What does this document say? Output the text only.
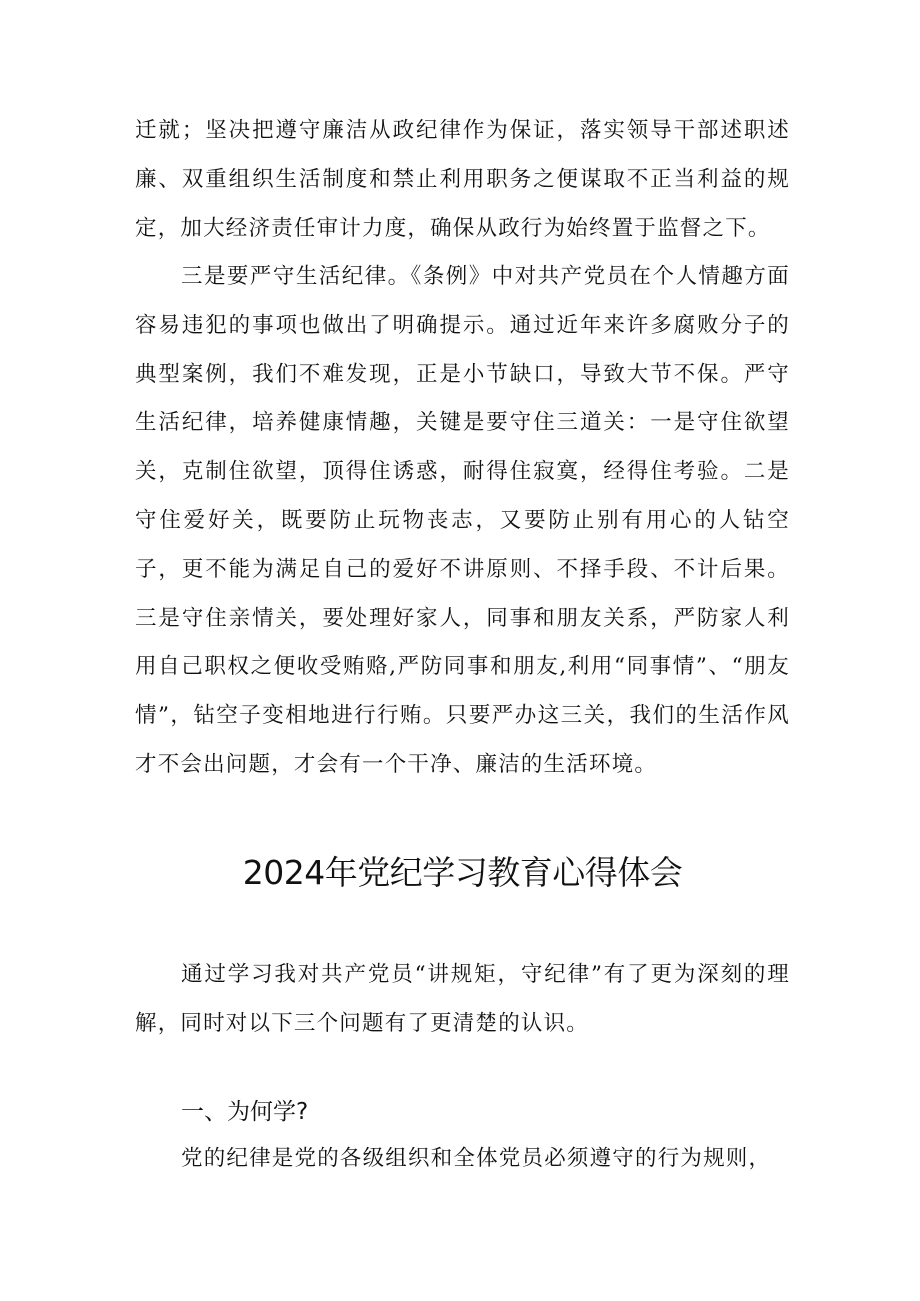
迁就；坚决把遵守廉洁从政纪律作为保证，落实领导干部述职述廉、双重组织生活制度和禁止利用职务之便谋取不正当利益的规定，加大经济责任审计力度，确保从政行为始终置于监督之下。

三是要严守生活纪律。《条例》中对共产党员在个人情趣方面容易违犯的事项也做出了明确提示。通过近年来许多腐败分子的典型案例，我们不难发现，正是小节缺口，导致大节不保。严守生活纪律，培养健康情趣，关键是要守住三道关：一是守住欲望关，克制住欲望，顶得住诱惑，耐得住寂寞，经得住考验。二是守住爱好关，既要防止玩物丧志，又要防止别有用心的人钻空子，更不能为满足自己的爱好不讲原则、不择手段、不计后果。三是守住亲情关，要处理好家人，同事和朋友关系，严防家人利用自己职权之便收受贿赂,严防同事和朋友,利用“同事情”、“朋友情”，钻空子变相地进行行贿。只要严办这三关，我们的生活作风才不会出问题，才会有一个干净、廉洁的生活环境。

2024年党纪学习教育心得体会

通过学习我对共产党员“讲规矩，守纪律”有了更为深刻的理解，同时对以下三个问题有了更清楚的认识。

一、为何学?

党的纪律是党的各级组织和全体党员必须遵守的行为规则，
